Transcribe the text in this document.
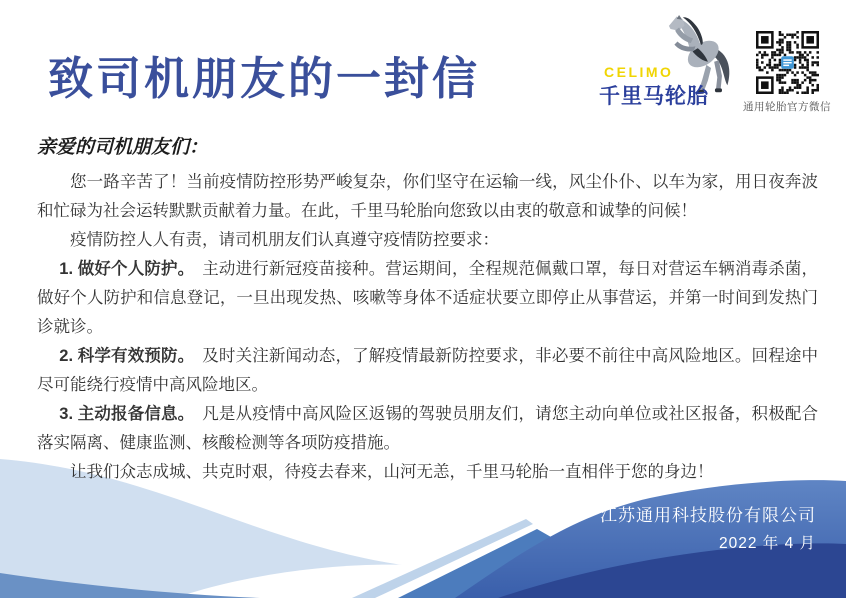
致司机朋友的一封信	CELIMO
千里马轮胎	通用轮胎官方微信

亲爱的司机朋友们：

您一路辛苦了！当前疫情防控形势严峻复杂，你们坚守在运输一线，风尘仆仆、以车为家，用日夜奔波和忙碌为社会运转默默贡献着力量。在此，千里马轮胎向您致以由衷的敬意和诚挚的问候！

疫情防控人人有责，请司机朋友们认真遵守疫情防控要求：

1. 做好个人防护。 主动进行新冠疫苗接种。营运期间，全程规范佩戴口罩，每日对营运车辆消毒杀菌，做好个人防护和信息登记，一旦出现发热、咳嗽等身体不适症状要立即停止从事营运，并第一时间到发热门诊就诊。

2. 科学有效预防。 及时关注新闻动态，了解疫情最新防控要求，非必要不前往中高风险地区。回程途中尽可能绕行疫情中高风险地区。

3. 主动报备信息。 凡是从疫情中高风险区返锡的驾驶员朋友们，请您主动向单位或社区报备，积极配合落实隔离、健康监测、核酸检测等各项防疫措施。

让我们众志成城、共克时艰，待疫去春来，山河无恙，千里马轮胎一直相伴于您的身边！

江苏通用科技股份有限公司
2022 年 4 月
